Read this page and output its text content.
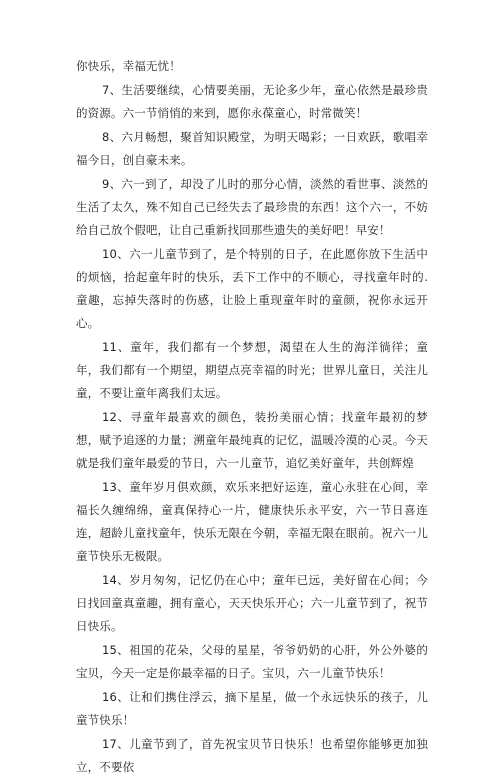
你快乐，幸福无忧！

7、生活要继续，心情要美丽，无论多少年，童心依然是最珍贵的资源。六一节悄悄的来到，愿你永葆童心，时常微笑！

8、六月畅想，聚首知识殿堂，为明天喝彩；一日欢跃，歌唱幸福今日，创自豪未来。

9、六一到了，却没了儿时的那分心情，淡然的看世事、淡然的生活了太久，殊不知自己已经失去了最珍贵的东西！这个六一，不妨给自己放个假吧，让自己重新找回那些遗失的美好吧！早安！

10、六一儿童节到了，是个特别的日子，在此愿你放下生活中的烦恼，拾起童年时的快乐，丢下工作中的不顺心，寻找童年时的.童趣，忘掉失落时的伤感，让脸上重现童年时的童颜，祝你永远开心。

11、童年，我们都有一个梦想，渴望在人生的海洋徜徉；童年，我们都有一个期望，期望点亮幸福的时光；世界儿童日，关注儿童，不要让童年离我们太远。

12、寻童年最喜欢的颜色，装扮美丽心情；找童年最初的梦想，赋予追逐的力量；溯童年最纯真的记忆，温暖冷漠的心灵。今天就是我们童年最爱的节日，六一儿童节，追忆美好童年，共创辉煌

13、童年岁月倶欢颜，欢乐来把好运连，童心永驻在心间，幸福长久缠绵绵，童真保持心一片，健康快乐永平安，六一节日喜连连，超龄儿童找童年，快乐无限在今朝，幸福无限在眼前。祝六一儿童节快乐无极限。

14、岁月匆匆，记忆仍在心中；童年已远，美好留在心间；今日找回童真童趣，拥有童心，天天快乐开心；六一儿童节到了，祝节日快乐。

15、祖国的花朵，父母的星星，爷爷奶奶的心肝，外公外婆的宝贝，今天一定是你最幸福的日子。宝贝，六一儿童节快乐！

16、让和们携住浮云，摘下星星，做一个永远快乐的孩子，儿童节快乐！

17、儿童节到了，首先祝宝贝节日快乐！也希望你能够更加独立，不要依
